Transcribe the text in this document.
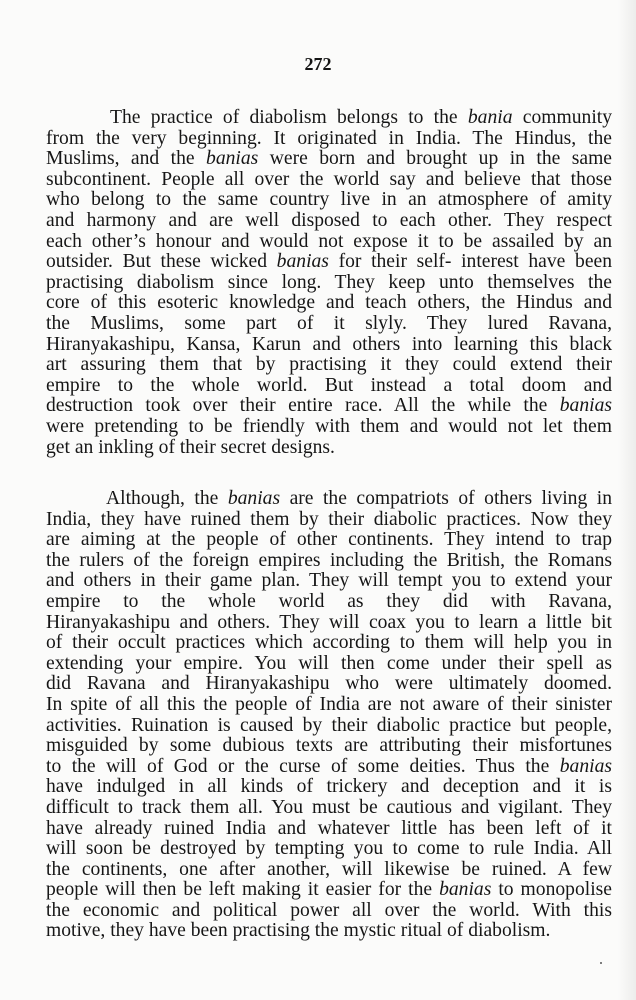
272
The practice of diabolism belongs to the bania community
from the very beginning. It originated in India. The Hindus, the
Muslims, and the banias were born and brought up in the same
subcontinent. People all over the world say and believe that those
who belong to the same country live in an atmosphere of amity
and harmony and are well disposed to each other. They respect
each other’s honour and would not expose it to be assailed by an
outsider. But these wicked banias for their self- interest have been
practising diabolism since long. They keep unto themselves the
core of this esoteric knowledge and teach others, the Hindus and
the Muslims, some part of it slyly. They lured Ravana,
Hiranyakashipu, Kansa, Karun and others into learning this black
art assuring them that by practising it they could extend their
empire to the whole world. But instead a total doom and
destruction took over their entire race. All the while the banias
were pretending to be friendly with them and would not let them
get an inkling of their secret designs.
Although, the banias are the compatriots of others living in
India, they have ruined them by their diabolic practices. Now they
are aiming at the people of other continents. They intend to trap
the rulers of the foreign empires including the British, the Romans
and others in their game plan. They will tempt you to extend your
empire to the whole world as they did with Ravana,
Hiranyakashipu and others. They will coax you to learn a little bit
of their occult practices which according to them will help you in
extending your empire. You will then come under their spell as
did Ravana and Hiranyakashipu who were ultimately doomed.
In spite of all this the people of India are not aware of their sinister
activities. Ruination is caused by their diabolic practice but people,
misguided by some dubious texts are attributing their misfortunes
to the will of God or the curse of some deities. Thus the banias
have indulged in all kinds of trickery and deception and it is
difficult to track them all. You must be cautious and vigilant. They
have already ruined India and whatever little has been left of it
will soon be destroyed by tempting you to come to rule India. All
the continents, one after another, will likewise be ruined. A few
people will then be left making it easier for the banias to monopolise
the economic and political power all over the world. With this
motive, they have been practising the mystic ritual of diabolism.
